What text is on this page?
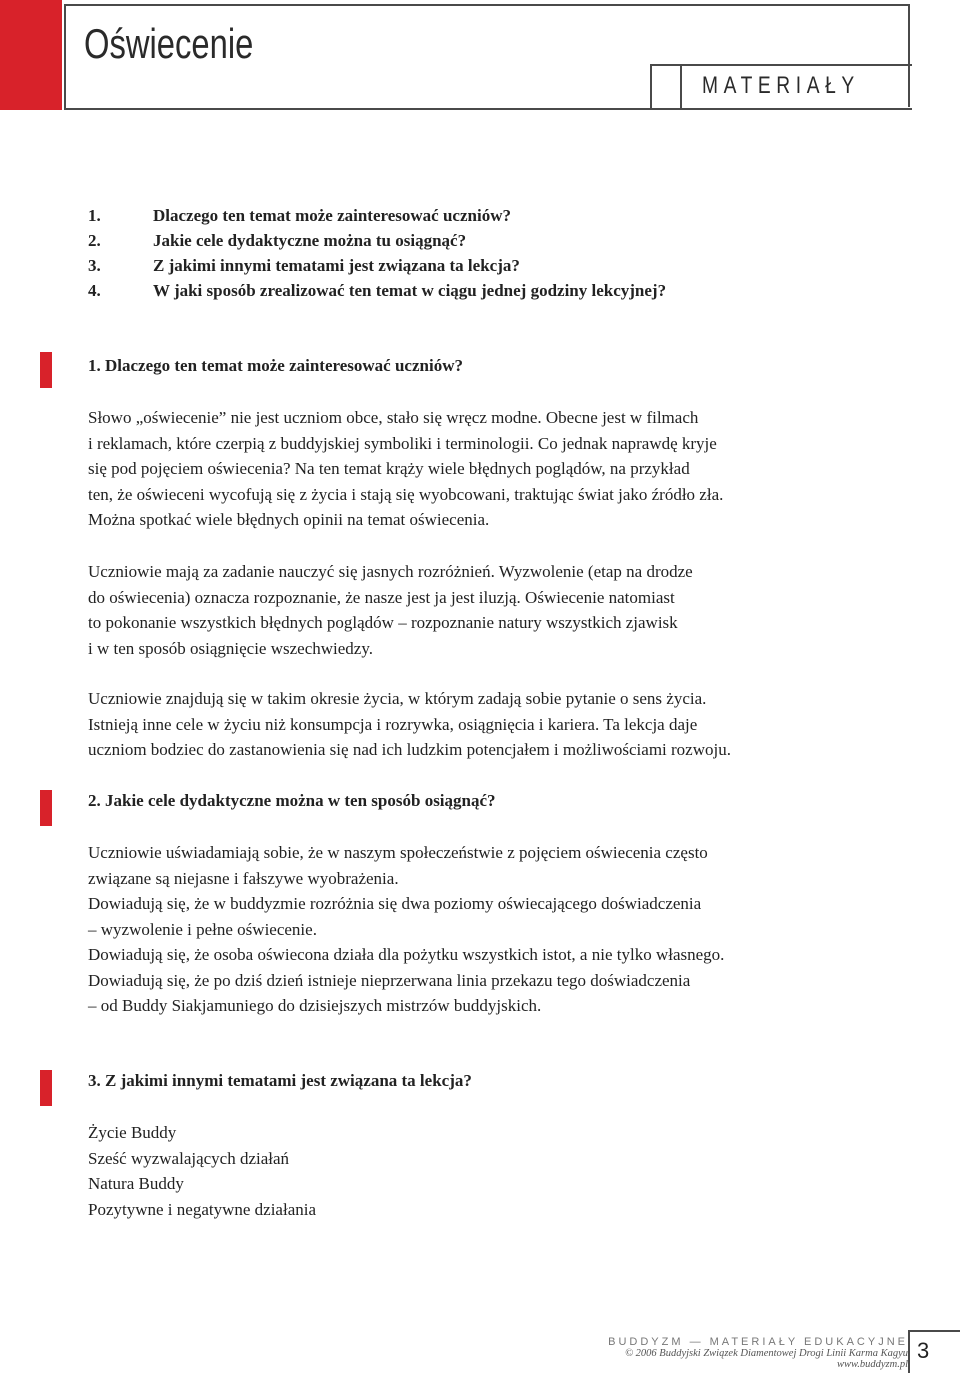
Oświecenie
MATERIAŁY
1.	Dlaczego ten temat może zainteresować uczniów?
2.	Jakie cele dydaktyczne można tu osiągnąć?
3.	Z jakimi innymi tematami jest związana ta lekcja?
4.	W jaki sposób zrealizować ten temat w ciągu jednej godziny lekcyjnej?
1. Dlaczego ten temat może zainteresować uczniów?
Słowo „oświecenie” nie jest uczniom obce, stało się wręcz modne. Obecne jest w filmach
i reklamach, które czerpią z buddyjskiej symboliki i terminologii. Co jednak naprawdę kryje
się pod pojęciem oświecenia? Na ten temat krąży wiele błędnych poglądów, na przykład
ten, że oświeceni wycofują się z życia i stają się wyobcowani, traktując świat jako źródło zła.
Można spotkać wiele błędnych opinii na temat oświecenia.
Uczniowie mają za zadanie nauczyć się jasnych rozróżnień. Wyzwolenie (etap na drodze
do oświecenia) oznacza rozpoznanie, że nasze jest ja jest iluzją. Oświecenie natomiast
to pokonanie wszystkich błędnych poglądów – rozpoznanie natury wszystkich zjawisk
i w ten sposób osiągnięcie wszechwiedzy.
Uczniowie znajdują się w takim okresie życia, w którym zadają sobie pytanie o sens życia.
Istnieją inne cele w życiu niż konsumpcja i rozrywka, osiągnięcia i kariera. Ta lekcja daje
uczniom bodziec do zastanowienia się nad ich ludzkim potencjałem i możliwościami rozwoju.
2. Jakie cele dydaktyczne można w ten sposób osiągnąć?
Uczniowie uświadamiają sobie, że w naszym społeczeństwie z pojęciem oświecenia często
związane są niejasne i fałszywe wyobrażenia.
Dowiadują się, że w buddyzmie rozróżnia się dwa poziomy oświecającego doświadczenia
– wyzwolenie i pełne oświecenie.
Dowiadują się, że osoba oświecona działa dla pożytku wszystkich istot, a nie tylko własnego.
Dowiadują się, że po dziś dzień istnieje nieprzerwana linia przekazu tego doświadczenia
– od Buddy Siakjamuniego do dzisiejszych mistrzów buddyjskich.
3. Z jakimi innymi tematami jest związana ta lekcja?
Życie Buddy
Sześć wyzwalających działań
Natura Buddy
Pozytywne i negatywne działania
BUDDYZM — MATERIAŁY EDUKACYJNE
© 2006 Buddyjski Związek Diamentowej Drogi Linii Karma Kagyu
www.buddyzm.pl
3
